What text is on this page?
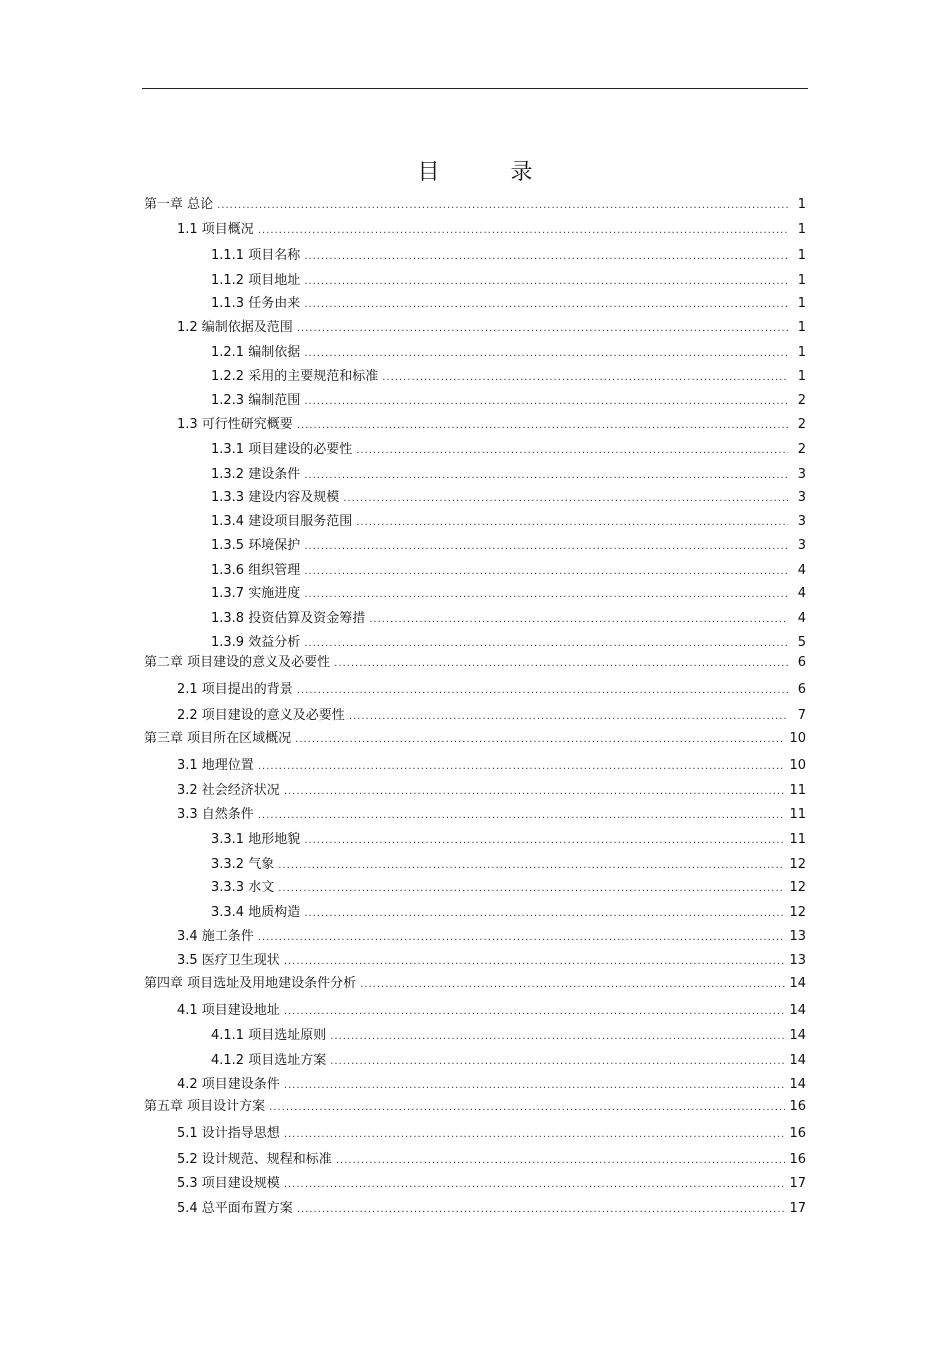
目 录
第一章 总论 .....	1
1.1 项目概况 .....	1
1.1.1 项目名称 .....	1
1.1.2 项目地址 .....	1
1.1.3 任务由来 .....	1
1.2 编制依据及范围 .....	1
1.2.1 编制依据 .....	1
1.2.2 采用的主要规范和标准 .....	1
1.2.3 编制范围 .....	2
1.3 可行性研究概要 .....	2
1.3.1 项目建设的必要性 .....	2
1.3.2 建设条件 .....	3
1.3.3 建设内容及规模 .....	3
1.3.4 建设项目服务范围 .....	3
1.3.5 环境保护 .....	3
1.3.6 组织管理 .....	4
1.3.7 实施进度 .....	4
1.3.8 投资估算及资金筹措 .....	4
1.3.9 效益分析 .....	5
第二章 项目建设的意义及必要性 .....	6
2.1 项目提出的背景 .....	6
2.2 项目建设的意义及必要性 .....	7
第三章 项目所在区域概况 .....	10
3.1 地理位置 .....	10
3.2 社会经济状况 .....	11
3.3 自然条件 .....	11
3.3.1 地形地貌 .....	11
3.3.2 气象 .....	12
3.3.3 水文 .....	12
3.3.4 地质构造 .....	12
3.4 施工条件 .....	13
3.5 医疗卫生现状 .....	13
第四章 项目选址及用地建设条件分析 .....	14
4.1 项目建设地址 .....	14
4.1.1 项目选址原则 .....	14
4.1.2 项目选址方案 .....	14
4.2 项目建设条件 .....	14
第五章 项目设计方案 .....	16
5.1 设计指导思想 .....	16
5.2 设计规范、规程和标准 .....	16
5.3 项目建设规模 .....	17
5.4 总平面布置方案 .....	17
